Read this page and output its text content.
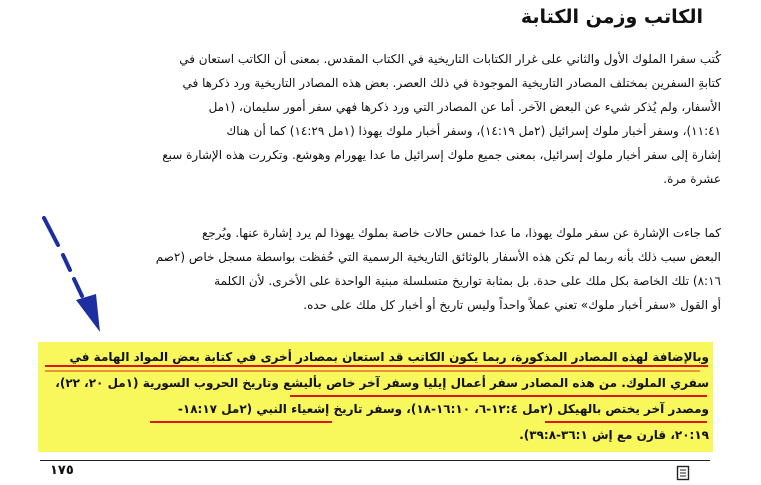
الكاتب وزمن الكتابة
كُتب سفرا الملوك الأول والثاني على غرار الكتابات التاريخية في الكتاب المقدس. بمعنى أن الكاتب استعان في
كتابةِ السفرين بمختلف المصادر التاريخية الموجودة في ذلك العصر. بعض هذه المصادر التاريخية ورد ذكرها في
الأسفار، ولم يُذكر شيء عن البعض الآخر. أما عن المصادر التي ورد ذكرها فهي سفر أمور سليمان، (١مل
١١:٤١)، وسفر أخبار ملوك إسرائيل (٢مل ١٤:١٩)، وسفر أخبار ملوك يهوذا (١مل ١٤:٢٩) كما أن هناك
إشارة إلى سفر أخبار ملوك إسرائيل، بمعنى جميع ملوك إسرائيل ما عدا يهورام وهوشع. وتكررت هذه الإشارة سبع
عشرة مرة.
كما جاءت الإشارة عن سفر ملوك يهوذا، ما عدا خمس حالات خاصة بملوك يهوذا لم يرد إشارة عنها. ويُرجع
البعض سبب ذلك بأنه ربما لم تكن هذه الأسفار بالوثائق التاريخية الرسمية التي حُفظت بواسطة مسجل خاص (٢صم
٨:١٦) تلك الخاصة بكل ملك على حدة. بل بمثابة تواريخ متسلسلة مبنية الواحدة على الأخرى. لأن الكلمة
أو القول «سفر أخبار ملوك» تعني عملاً واحداً وليس تاريخ أو أخبار كل ملك على حده.
وبالإضافة لهذه المصادر المذكورة، ربما يكون الكاتب قد استعان بمصادر أخرى في كتابة بعض المواد الهامة في
سفري الملوك. من هذه المصادر سفر أعمال إيليا وسفر آخر خاص بأليشع وتاريخ الحروب السورية (١مل ٢٠، ٢٢)،
ومصدر آخر يختص بالهيكل (٢مل ١٢:٤-٦، ١٦:١٠-١٨)، وسفر تاريخ إشعياء النبي (٢مل ١٨:١٧-
٢٠:١٩، قارن مع إش ٣٦:١-٣٩:٨).
١٧٥
